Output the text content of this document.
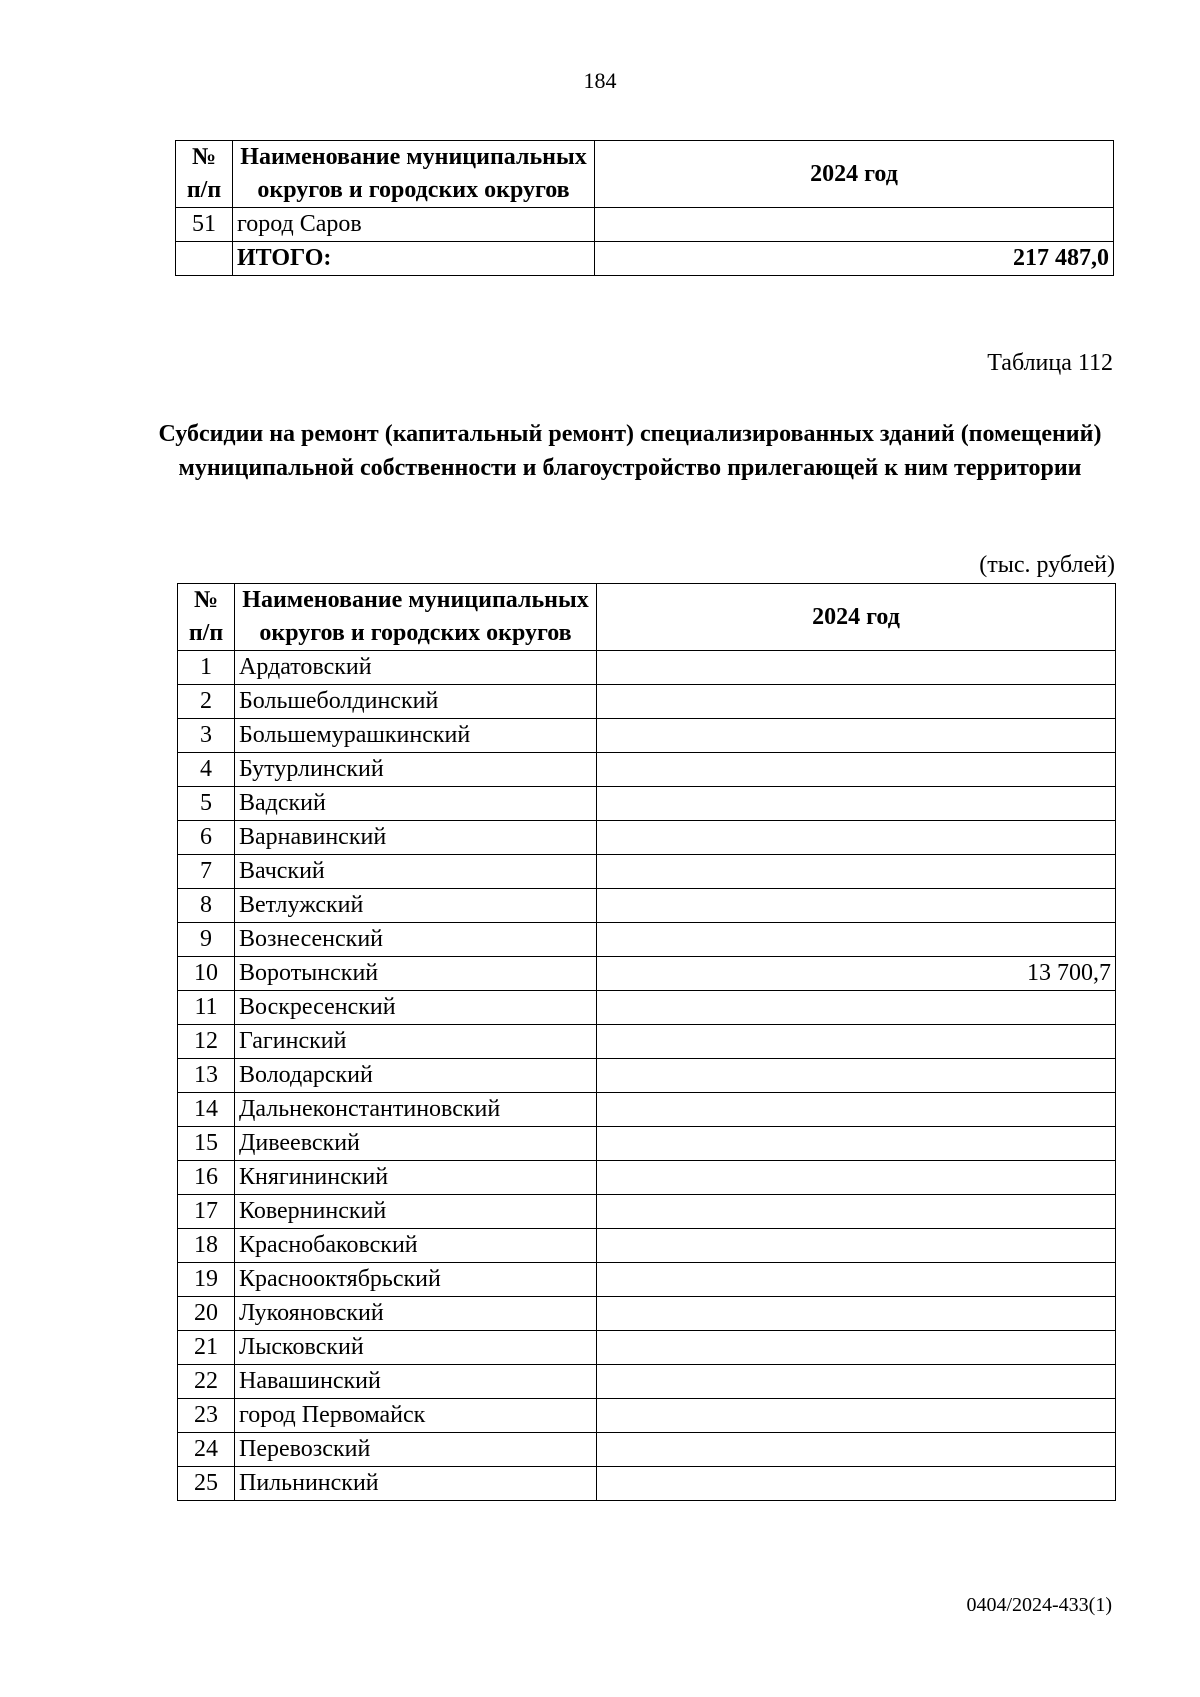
184
№ п/п	Наименование муниципальных округов и городских округов	2024 год
51	город Саров	
	ИТОГО:	217 487,0
Таблица 112
Субсидии на ремонт (капитальный ремонт) специализированных зданий (помещений) муниципальной собственности и благоустройство прилегающей к ним территории
(тыс. рублей)
№ п/п	Наименование муниципальных округов и городских округов	2024 год
1	Ардатовский	
2	Большеболдинский	
3	Большемурашкинский	
4	Бутурлинский	
5	Вадский	
6	Варнавинский	
7	Вачский	
8	Ветлужский	
9	Вознесенский	
10	Воротынский	13 700,7
11	Воскресенский	
12	Гагинский	
13	Володарский	
14	Дальнеконстантиновский	
15	Дивеевский	
16	Княгининский	
17	Ковернинский	
18	Краснобаковский	
19	Краснооктябрьский	
20	Лукояновский	
21	Лысковский	
22	Навашинский	
23	город Первомайск	
24	Перевозский	
25	Пильнинский	
0404/2024-433(1)
